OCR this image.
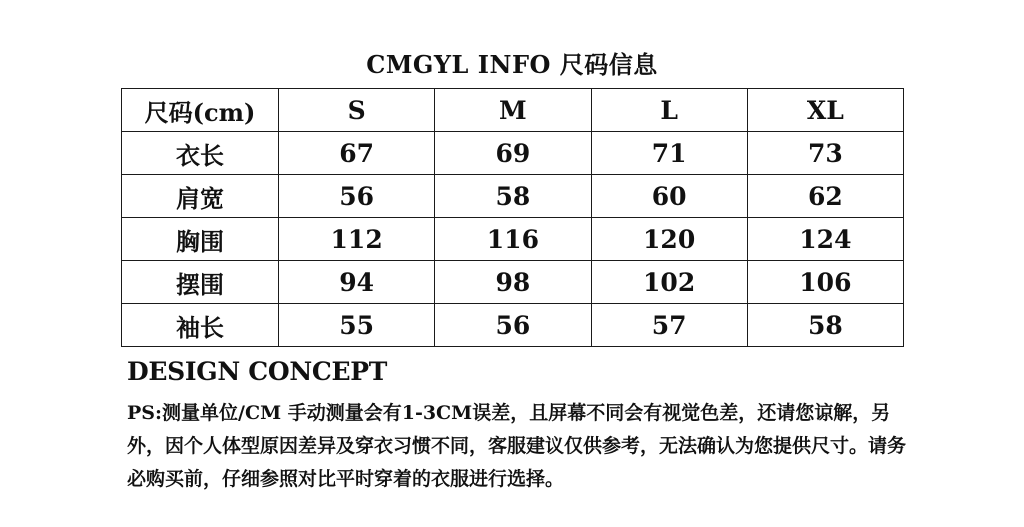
CMGYL INFO 尺码信息
尺码(cm)	S	M	L	XL
衣长	67	69	71	73
肩宽	56	58	60	62
胸围	112	116	120	124
摆围	94	98	102	106
袖长	55	56	57	58
DESIGN CONCEPT
PS:测量单位/CM 手动测量会有1-3CM误差，且屏幕不同会有视觉色差，还请您谅解，另外，因个人体型原因差异及穿衣习惯不同，客服建议仅供参考，无法确认为您提供尺寸。请务必购买前，仔细参照对比平时穿着的衣服进行选择。
